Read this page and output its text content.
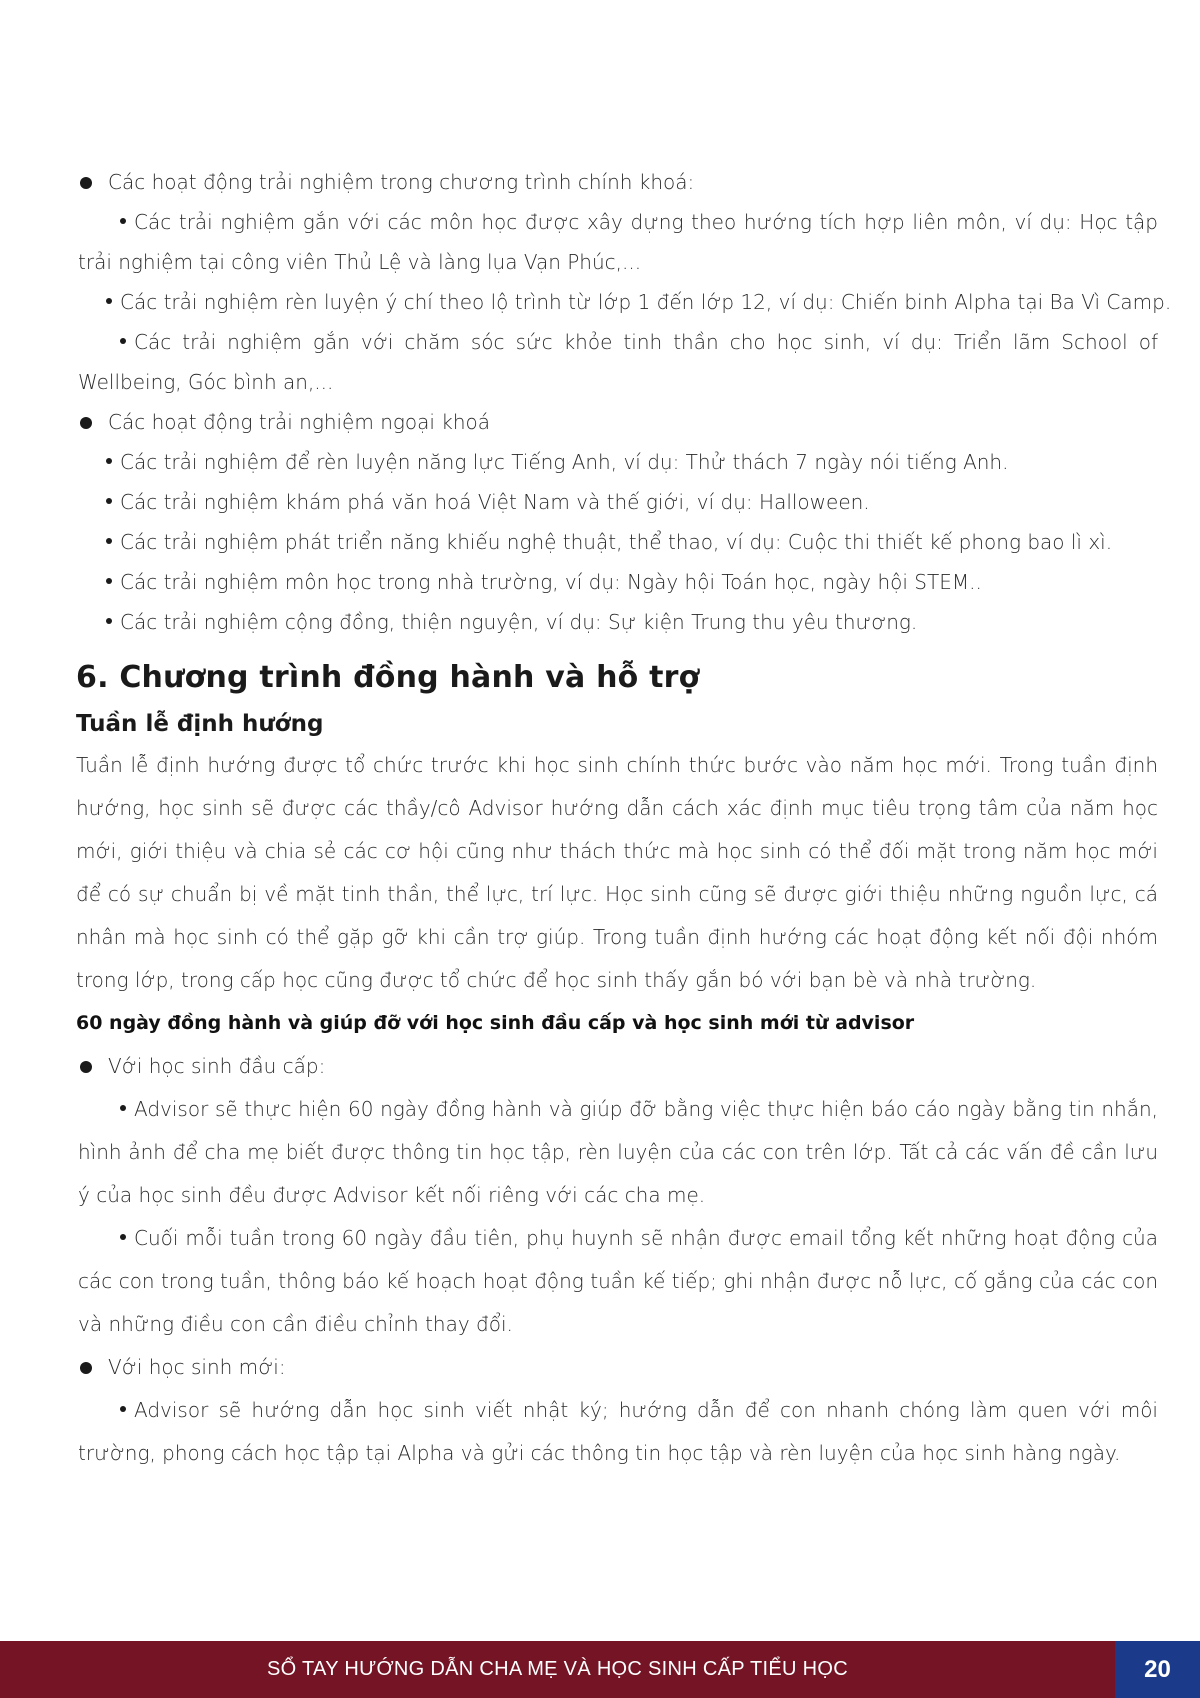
Các hoạt động trải nghiệm trong chương trình chính khoá:
Các trải nghiệm gắn với các môn học được xây dựng theo hướng tích hợp liên môn, ví dụ: Học tập trải nghiệm tại công viên Thủ Lệ và làng lụa Vạn Phúc,...
Các trải nghiệm rèn luyện ý chí theo lộ trình từ lớp 1 đến lớp 12, ví dụ: Chiến binh Alpha tại Ba Vì Camp.
Các trải nghiệm gắn với chăm sóc sức khỏe tinh thần cho học sinh, ví dụ: Triển lãm School of Wellbeing, Góc bình an,...
Các hoạt động trải nghiệm ngoại khoá
Các trải nghiệm để rèn luyện năng lực Tiếng Anh, ví dụ: Thử thách 7 ngày nói tiếng Anh.
Các trải nghiệm khám phá văn hoá Việt Nam và thế giới, ví dụ: Halloween.
Các trải nghiệm phát triển năng khiếu nghệ thuật, thể thao, ví dụ: Cuộc thi thiết kế phong bao lì xì.
Các trải nghiệm môn học trong nhà trường, ví dụ: Ngày hội Toán học, ngày hội STEM..
Các trải nghiệm cộng đồng, thiện nguyện, ví dụ: Sự kiện Trung thu yêu thương.
6. Chương trình đồng hành và hỗ trợ
Tuần lễ định hướng
Tuần lễ định hướng được tổ chức trước khi học sinh chính thức bước vào năm học mới. Trong tuần định hướng, học sinh sẽ được các thầy/cô Advisor hướng dẫn cách xác định mục tiêu trọng tâm của năm học mới, giới thiệu và chia sẻ các cơ hội cũng như thách thức mà học sinh có thể đối mặt trong năm học mới để có sự chuẩn bị về mặt tinh thần, thể lực, trí lực. Học sinh cũng sẽ được giới thiệu những nguồn lực, cá nhân mà học sinh có thể gặp gỡ khi cần trợ giúp. Trong tuần định hướng các hoạt động kết nối đội nhóm trong lớp, trong cấp học cũng được tổ chức để học sinh thấy gắn bó với bạn bè và nhà trường.
60 ngày đồng hành và giúp đỡ với học sinh đầu cấp và học sinh mới từ advisor
Với học sinh đầu cấp:
Advisor sẽ thực hiện 60 ngày đồng hành và giúp đỡ bằng việc thực hiện báo cáo ngày bằng tin nhắn, hình ảnh để cha mẹ biết được thông tin học tập, rèn luyện của các con trên lớp. Tất cả các vấn đề cần lưu ý của học sinh đều được Advisor kết nối riêng với các cha mẹ.
Cuối mỗi tuần trong 60 ngày đầu tiên, phụ huynh sẽ nhận được email tổng kết những hoạt động của các con trong tuần, thông báo kế hoạch hoạt động tuần kế tiếp; ghi nhận được nỗ lực, cố gắng của các con và những điều con cần điều chỉnh thay đổi.
Với học sinh mới:
Advisor sẽ hướng dẫn học sinh viết nhật ký; hướng dẫn để con nhanh chóng làm quen với môi trường, phong cách học tập tại Alpha và gửi các thông tin học tập và rèn luyện của học sinh hàng ngày.
SỔ TAY HƯỚNG DẪN CHA MẸ VÀ HỌC SINH CẤP TIỂU HỌC	20
